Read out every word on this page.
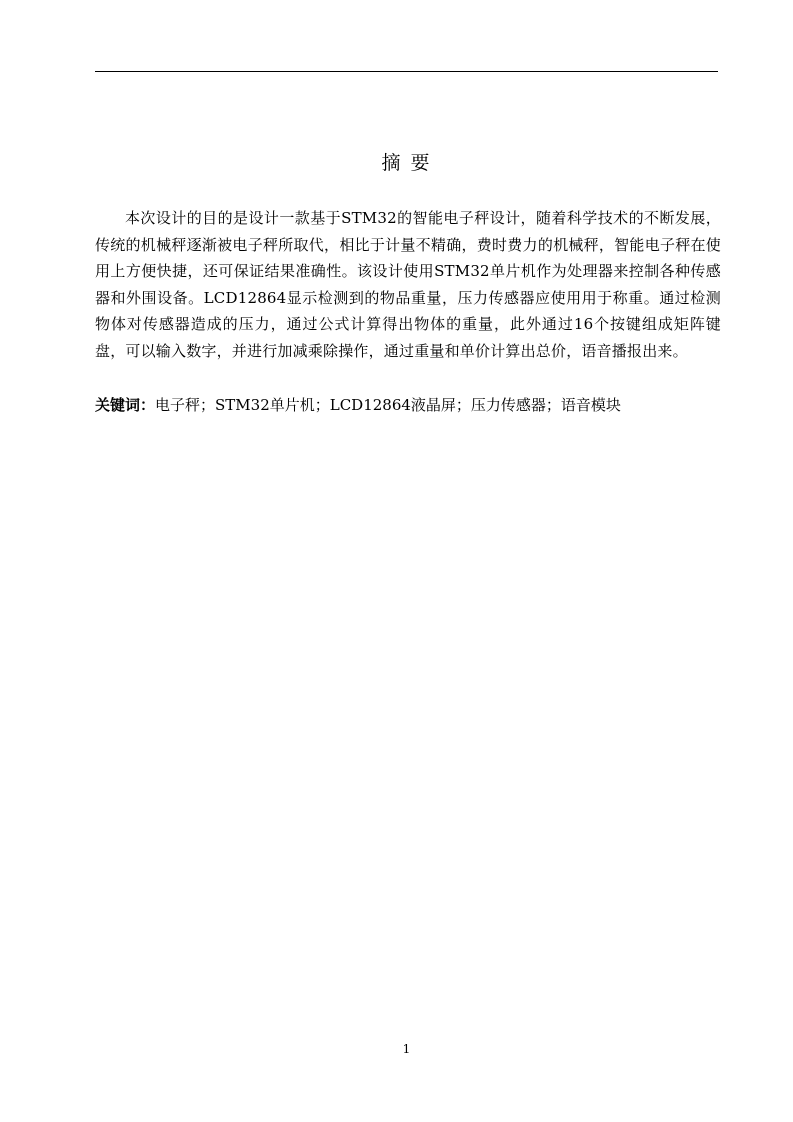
摘 要

本次设计的目的是设计一款基于STM32的智能电子秤设计，随着科学技术的不断发展，传统的机械秤逐渐被电子秤所取代，相比于计量不精确，费时费力的机械秤，智能电子秤在使用上方便快捷，还可保证结果准确性。该设计使用STM32单片机作为处理器来控制各种传感器和外围设备。LCD12864显示检测到的物品重量，压力传感器应使用用于称重。通过检测物体对传感器造成的压力，通过公式计算得出物体的重量，此外通过16个按键组成矩阵键盘，可以输入数字，并进行加减乘除操作，通过重量和单价计算出总价，语音播报出来。

关键词：电子秤；STM32单片机；LCD12864液晶屏；压力传感器；语音模块

1
